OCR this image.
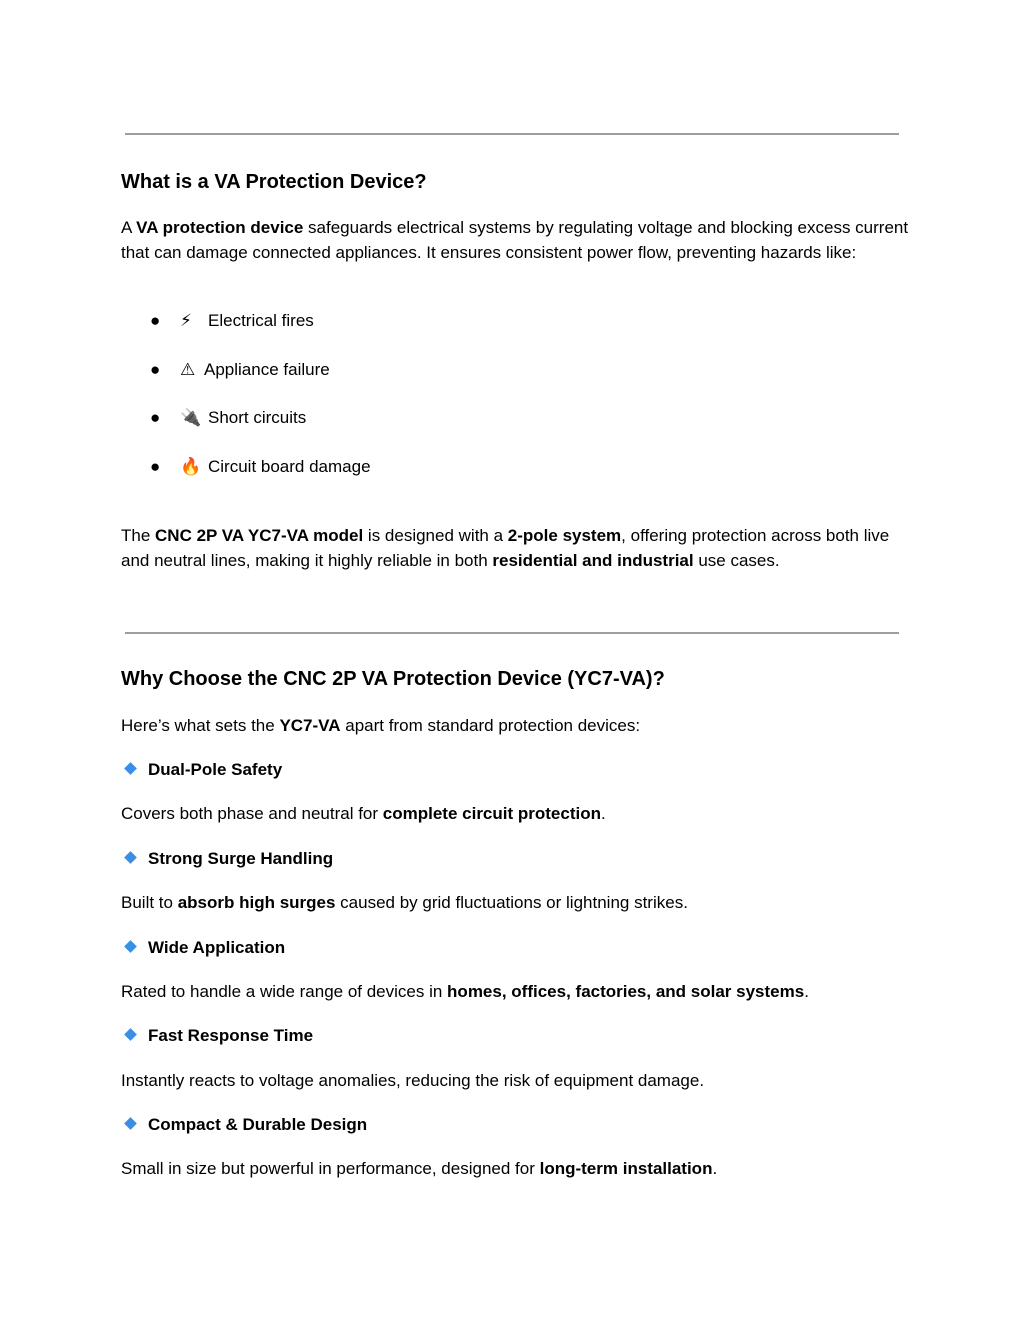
What is a VA Protection Device?

A VA protection device safeguards electrical systems by regulating voltage and blocking excess current that can damage connected appliances. It ensures consistent power flow, preventing hazards like:

● ⚡ Electrical fires
● ⚠ Appliance failure
● 🔌 Short circuits
● 🔥 Circuit board damage

The CNC 2P VA YC7-VA model is designed with a 2-pole system, offering protection across both live and neutral lines, making it highly reliable in both residential and industrial use cases.

Why Choose the CNC 2P VA Protection Device (YC7-VA)?

Here’s what sets the YC7-VA apart from standard protection devices:

Dual-Pole Safety
Covers both phase and neutral for complete circuit protection.
Strong Surge Handling
Built to absorb high surges caused by grid fluctuations or lightning strikes.
Wide Application
Rated to handle a wide range of devices in homes, offices, factories, and solar systems.
Fast Response Time
Instantly reacts to voltage anomalies, reducing the risk of equipment damage.
Compact & Durable Design
Small in size but powerful in performance, designed for long-term installation.
